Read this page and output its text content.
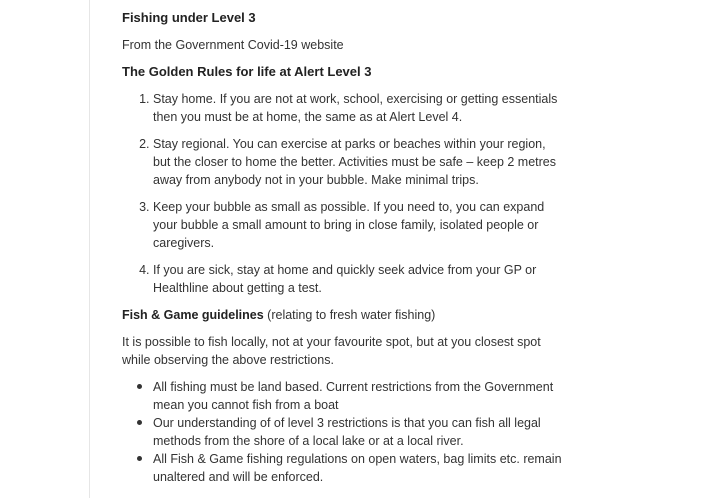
Fishing under Level 3

From the Government Covid-19 website

The Golden Rules for life at Alert Level 3
1. Stay home. If you are not at work, school, exercising or getting essentials then you must be at home, the same as at Alert Level 4.
2. Stay regional. You can exercise at parks or beaches within your region, but the closer to home the better. Activities must be safe – keep 2 metres away from anybody not in your bubble. Make minimal trips.
3. Keep your bubble as small as possible. If you need to, you can expand your bubble a small amount to bring in close family, isolated people or caregivers.
4. If you are sick, stay at home and quickly seek advice from your GP or Healthline about getting a test.

Fish & Game guidelines (relating to fresh water fishing)

It is possible to fish locally, not at your favourite spot, but at you closest spot while observing the above restrictions.

All fishing must be land based. Current restrictions from the Government mean you cannot fish from a boat
Our understanding of of level 3 restrictions is that you can fish all legal methods from the shore of a local lake or at a local river.
All Fish & Game fishing regulations on open waters, bag limits etc. remain unaltered and will be enforced.
